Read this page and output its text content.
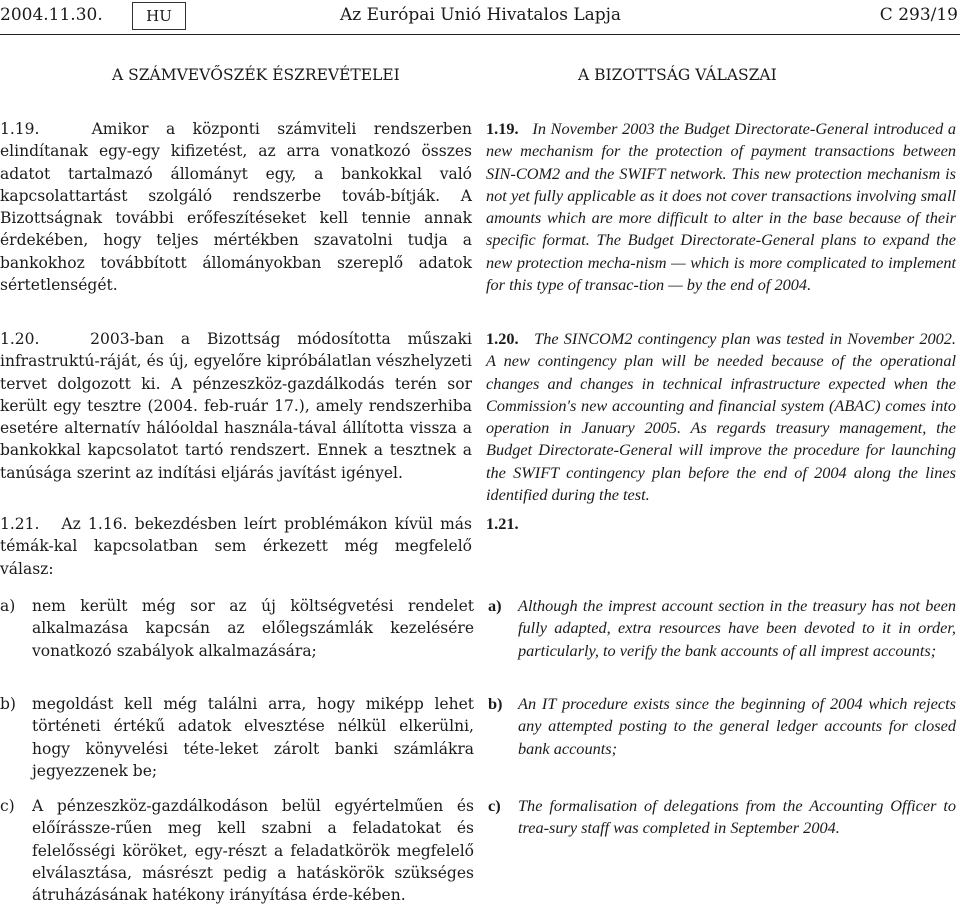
2004.11.30.	HU	Az Európai Unió Hivatalos Lapja	C 293/19
A SZÁMVEVŐSZÉK ÉSZREVÉTELEI	A BIZOTTSÁG VÁLASZAI

1.19.	Amikor a központi számviteli rendszerben elindítanak egy-egy kifizetést, az arra vonatkozó összes adatot tartalmazó állományt egy, a bankokkal való kapcsolattartást szolgáló rendszerbe továb-bítják. A Bizottságnak további erőfeszítéseket kell tennie annak érdekében, hogy teljes mértékben szavatolni tudja a bankokhoz továbbított állományokban szereplő adatok sértetlenségét.

1.19. In November 2003 the Budget Directorate-General introduced a new mechanism for the protection of payment transactions between SIN-COM2 and the SWIFT network. This new protection mechanism is not yet fully applicable as it does not cover transactions involving small amounts which are more difficult to alter in the base because of their specific format. The Budget Directorate-General plans to expand the new protection mecha-nism — which is more complicated to implement for this type of transac-tion — by the end of 2004.

1.20.	2003-ban a Bizottság módosította műszaki infrastruktú-ráját, és új, egyelőre kipróbálatlan vészhelyzeti tervet dolgozott ki. A pénzeszköz-gazdálkodás terén sor került egy tesztre (2004. feb-ruár 17.), amely rendszerhiba esetére alternatív hálóoldal használa-tával állította vissza a bankokkal kapcsolatot tartó rendszert. Ennek a tesztnek a tanúsága szerint az indítási eljárás javítást igényel.

1.20. The SINCOM2 contingency plan was tested in November 2002. A new contingency plan will be needed because of the operational changes and changes in technical infrastructure expected when the Commission's new accounting and financial system (ABAC) comes into operation in January 2005. As regards treasury management, the Budget Directorate-General will improve the procedure for launching the SWIFT contingency plan before the end of 2004 along the lines identified during the test.

1.21. Az 1.16. bekezdésben leírt problémákon kívül más témák-kal kapcsolatban sem érkezett még megfelelő válasz:

1.21.

a) nem került még sor az új költségvetési rendelet alkalmazása kapcsán az előlegszámlák kezelésére vonatkozó szabályok alkalmazására;
a) Although the imprest account section in the treasury has not been fully adapted, extra resources have been devoted to it in order, particularly, to verify the bank accounts of all imprest accounts;
b) megoldást kell még találni arra, hogy miképp lehet történeti értékű adatok elvesztése nélkül elkerülni, hogy könyvelési téte-leket zárolt banki számlákra jegyezzenek be;
b) An IT procedure exists since the beginning of 2004 which rejects any attempted posting to the general ledger accounts for closed bank accounts;
c) A pénzeszköz-gazdálkodáson belül egyértelműen és előírássze-rűen meg kell szabni a feladatokat és felelősségi köröket, egy-részt a feladatkörök megfelelő elválasztása, másrészt pedig a hatáskörök szükséges átruházásának hatékony irányítása érde-kében.
c) The formalisation of delegations from the Accounting Officer to trea-sury staff was completed in September 2004.
